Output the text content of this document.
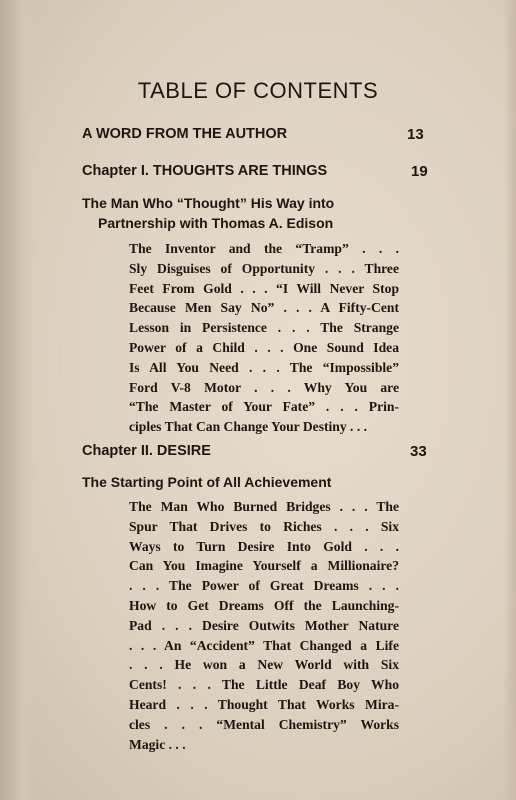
TABLE OF CONTENTS
A WORD FROM THE AUTHOR	13
Chapter I. THOUGHTS ARE THINGS	19
The Man Who “Thought” His Way into
Partnership with Thomas A. Edison
The Inventor and the “Tramp” . . .
Sly Disguises of Opportunity . . . Three
Feet From Gold . . . “I Will Never Stop
Because Men Say No” . . . A Fifty-Cent
Lesson in Persistence . . . The Strange
Power of a Child . . . One Sound Idea
Is All You Need . . . The “Impossible”
Ford V-8 Motor . . . Why You are
“The Master of Your Fate” . . . Prin-
ciples That Can Change Your Destiny . . .
Chapter II. DESIRE	33
The Starting Point of All Achievement
The Man Who Burned Bridges . . . The
Spur That Drives to Riches . . . Six
Ways to Turn Desire Into Gold . . .
Can You Imagine Yourself a Millionaire?
. . . The Power of Great Dreams . . .
How to Get Dreams Off the Launching-
Pad . . . Desire Outwits Mother Nature
. . . An “Accident” That Changed a Life
. . . He won a New World with Six
Cents! . . . The Little Deaf Boy Who
Heard . . . Thought That Works Mira-
cles . . . “Mental Chemistry” Works
Magic . . .
